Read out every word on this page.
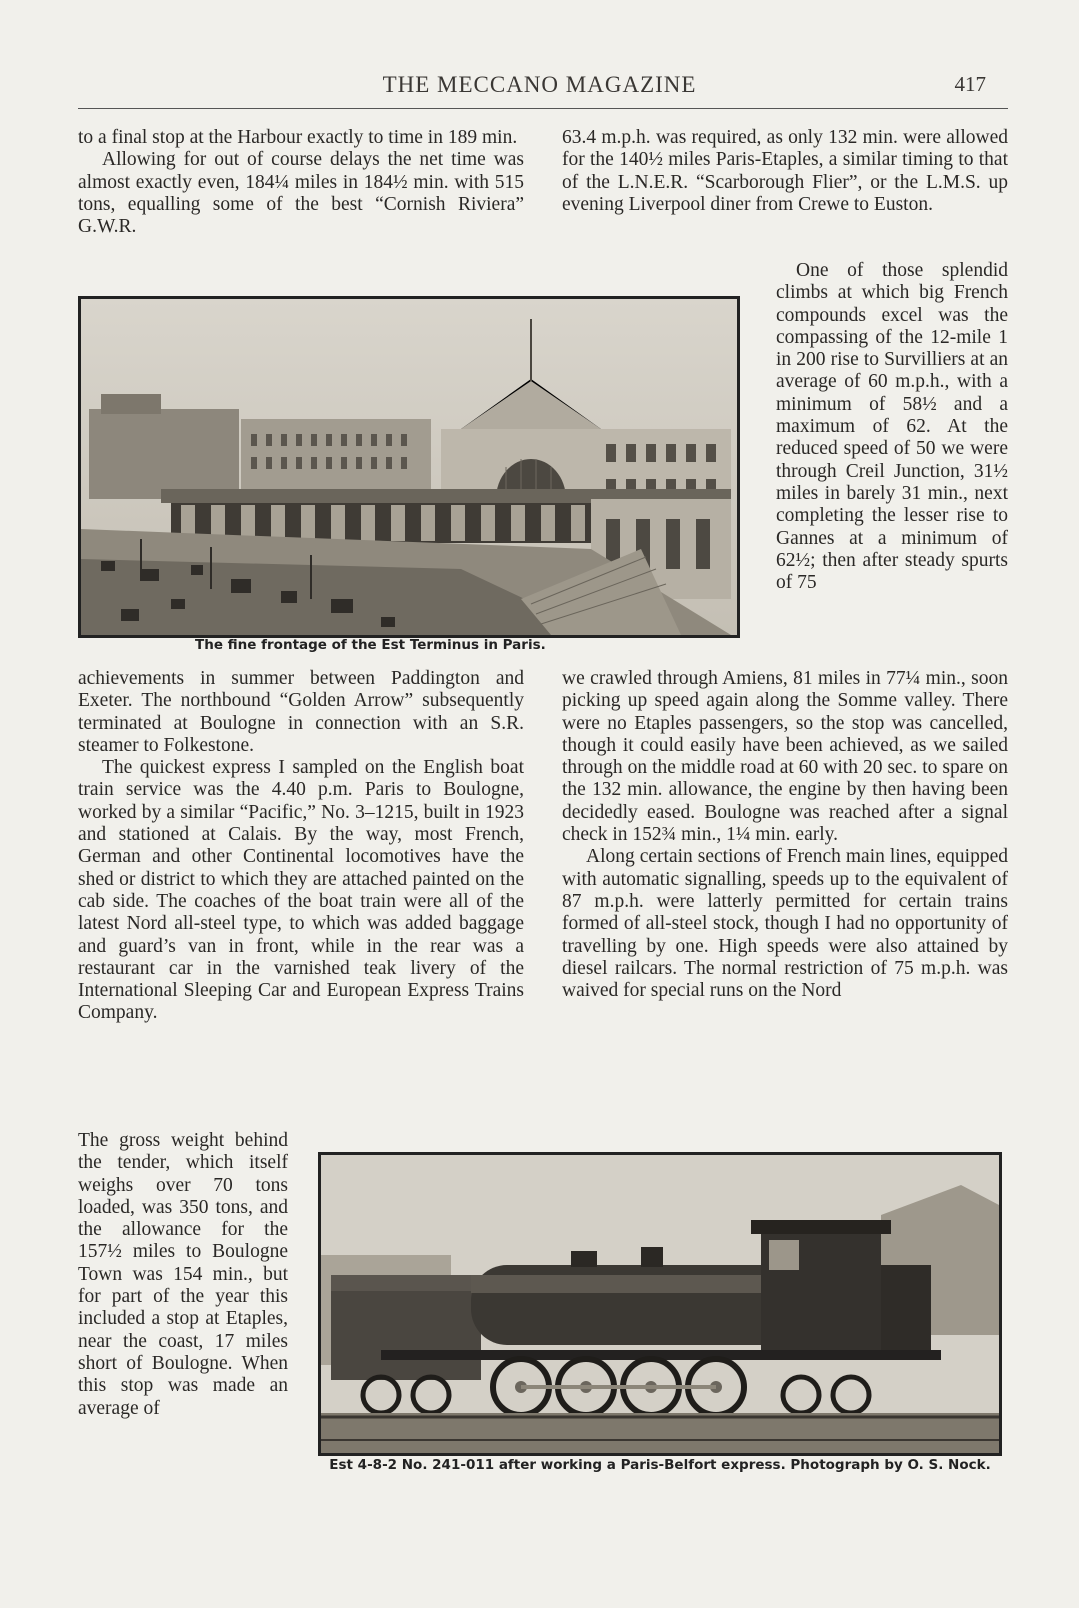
THE MECCANO MAGAZINE	417

to a final stop at the Harbour exactly to time in 189 min.

Allowing for out of course delays the net time was almost exactly even, 184¼ miles in 184½ min. with 515 tons, equalling some of the best “Cornish Riviera” G.W.R.

63.4 m.p.h. was required, as only 132 min. were allowed for the 140½ miles Paris-Etaples, a similar timing to that of the L.N.E.R. “Scarborough Flier”, or the L.M.S. up evening Liverpool diner from Crewe to Euston.

One of those splendid climbs at which big French compounds excel was the compassing of the 12-mile 1 in 200 rise to Survilliers at an average of 60 m.p.h., with a minimum of 58½ and a maximum of 62. At the reduced speed of 50 we were through Creil Junction, 31½ miles in barely 31 min., next completing the lesser rise to Gannes at a minimum of 62½; then after steady spurts of 75
The fine frontage of the Est Terminus in Paris.

achievements in summer between Paddington and Exeter. The northbound “Golden Arrow” subsequently terminated at Boulogne in connection with an S.R. steamer to Folkestone.

The quickest express I sampled on the English boat train service was the 4.40 p.m. Paris to Boulogne, worked by a similar “Pacific,” No. 3–1215, built in 1923 and stationed at Calais. By the way, most French, German and other Continental locomotives have the shed or district to which they are attached painted on the cab side. The coaches of the boat train were all of the latest Nord all-steel type, to which was added baggage and guard’s van in front, while in the rear was a restaurant car in the varnished teak livery of the International Sleeping Car and European Express Trains Company.

The gross weight behind the tender, which itself weighs over 70 tons loaded, was 350 tons, and the allowance for the 157½ miles to Boulogne Town was 154 min., but for part of the year this included a stop at Etaples, near the coast, 17 miles short of Boulogne. When this stop was made an average of

we crawled through Amiens, 81 miles in 77¼ min., soon picking up speed again along the Somme valley. There were no Etaples passengers, so the stop was cancelled, though it could easily have been achieved, as we sailed through on the middle road at 60 with 20 sec. to spare on the 132 min. allowance, the engine by then having been decidedly eased. Boulogne was reached after a signal check in 152¾ min., 1¼ min. early.

Along certain sections of French main lines, equipped with automatic signalling, speeds up to the equivalent of 87 m.p.h. were latterly permitted for certain trains formed of all-steel stock, though I had no opportunity of travelling by one. High speeds were also attained by diesel railcars. The normal restriction of 75 m.p.h. was waived for special runs on the Nord

Est 4-8-2 No. 241-011 after working a Paris-Belfort express. Photograph by O. S. Nock.
